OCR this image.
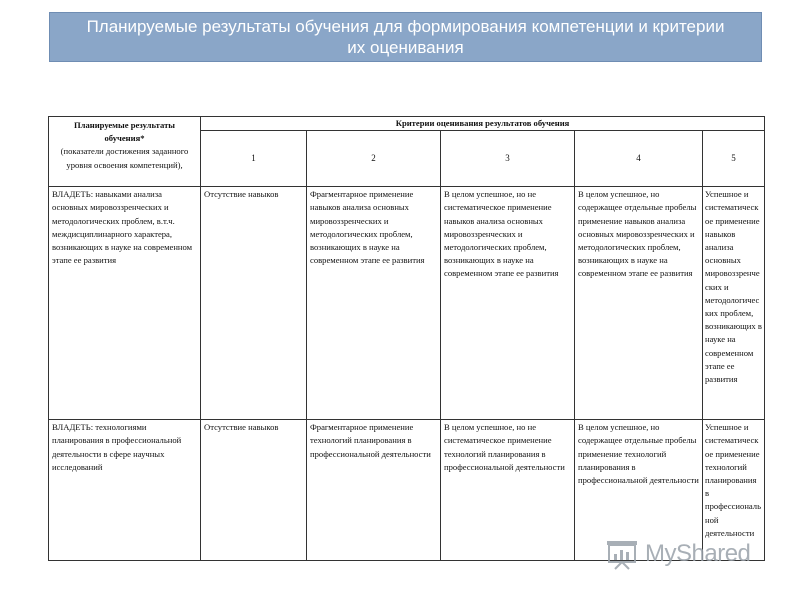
Планируемые результаты обучения для формирования компетенции и критерии
их оценивания
Планируемые результаты
обучения*
(показатели достижения заданного уровня освоения компетенций),	Критерии оценивания результатов обучения				
	1	2	3	4	5
ВЛАДЕТЬ: навыками анализа основных мировоззренческих и методологических проблем, в.т.ч. междисциплинарного характера, возникающих в науке на современном этапе ее развития	Отсутствие навыков	Фрагментарное применение навыков анализа основных мировоззренческих и методологических проблем, возникающих в науке на современном этапе ее развития	В целом успешное, но не систематическое применение навыков анализа основных мировоззренческих и методологических проблем, возникающих в науке на современном этапе ее развития	В целом успешное, но содержащее отдельные пробелы применение навыков анализа основных мировоззренческих и методологических проблем, возникающих в науке на современном этапе ее развития	Успешное и систематическое применение навыков анализа основных мировоззренческих и методологических проблем, возникающих в науке на современном этапе ее развития
ВЛАДЕТЬ: технологиями планирования в профессиональной деятельности в сфере научных исследований	Отсутствие навыков	Фрагментарное применение технологий планирования в профессиональной деятельности	В целом успешное, но не систематическое применение технологий планирования в профессиональной деятельности	В целом успешное, но содержащее отдельные пробелы применение технологий планирования в профессиональной деятельности	Успешное и систематическое применение технологий планирования в профессиональной деятельности
MyShared
